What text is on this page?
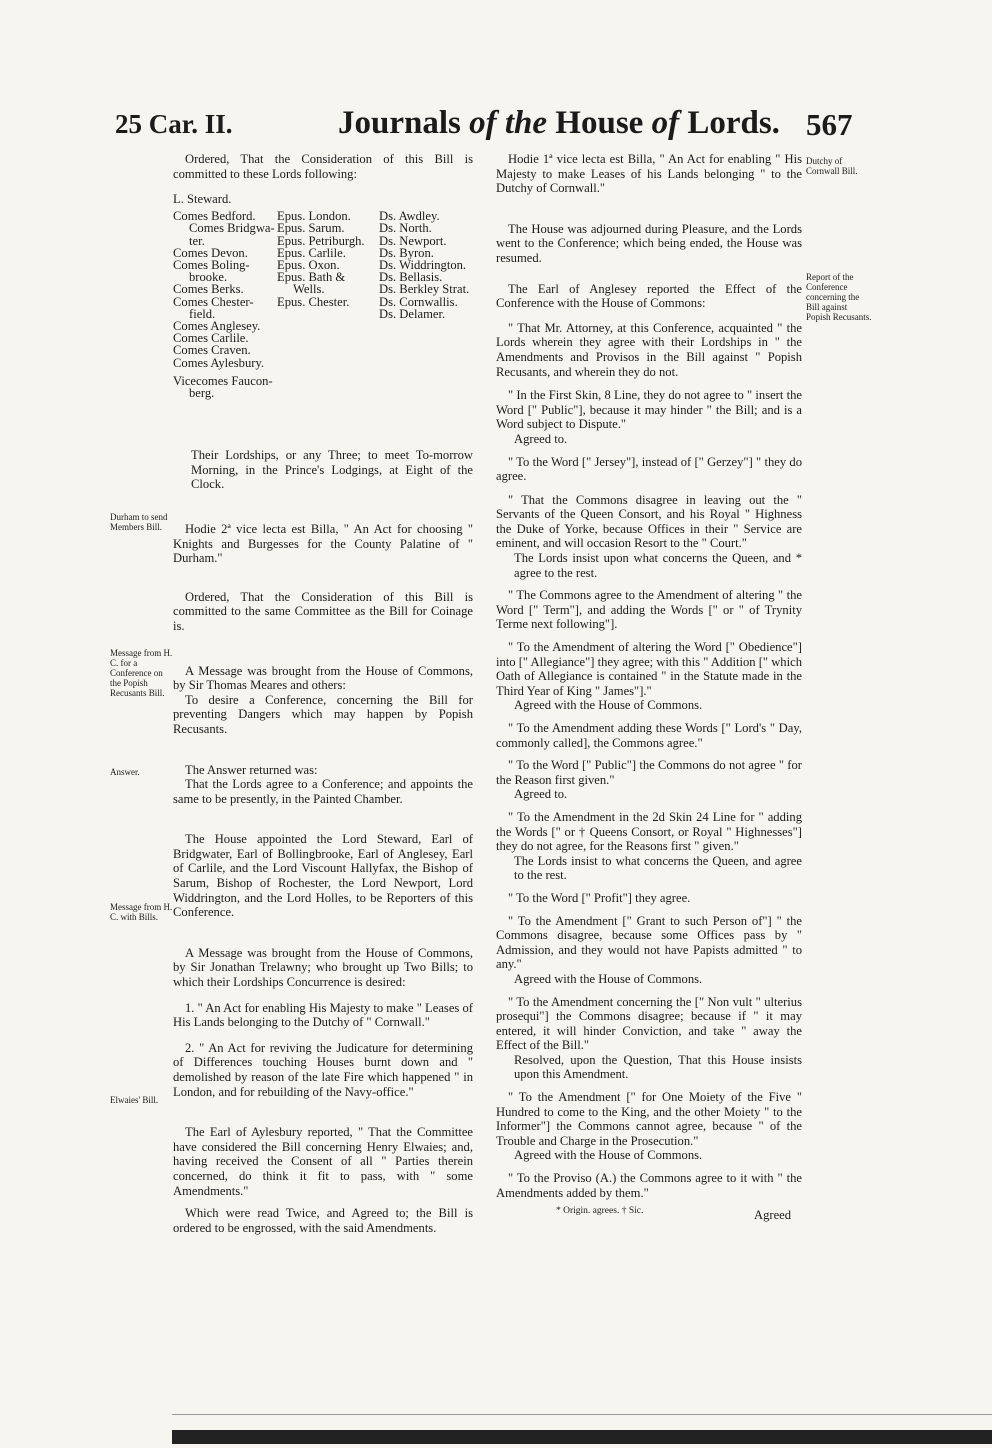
25 Car. II.	Journals of the House of Lords. 567
Durham to send Members Bill.
Message from H. C. for a Conference on the Popish Recusants Bill.
Answer.
Message from H. C. with Bills.
Elwaies' Bill.
Dutchy of Cornwall Bill.
Report of the Conference concerning the Bill against Popish Recusants.

Ordered, That the Consideration of this Bill is committed to these Lords following:

L. Steward.
Comes Bedford.
Comes Bridgwa-
ter.
Comes Devon.
Comes Boling-
brooke.
Comes Berks.
Comes Chester-
field.
Comes Anglesey.
Comes Carlile.
Comes Craven.
Comes Aylesbury.
Vicecomes Faucon-
berg.
Epus. London.
Epus. Sarum.
Epus. Petriburgh.
Epus. Carlile.
Epus. Oxon.
Epus. Bath &
Wells.
Epus. Chester.
Ds. Awdley.
Ds. North.
Ds. Newport.
Ds. Byron.
Ds. Widdrington.
Ds. Bellasis.
Ds. Berkley Strat.
Ds. Cornwallis.
Ds. Delamer.

Their Lordships, or any Three; to meet To-morrow Morning, in the Prince's Lodgings, at Eight of the Clock.

Hodie 2ª vice lecta est Billa, " An Act for choosing " Knights and Burgesses for the County Palatine of " Durham."

Ordered, That the Consideration of this Bill is committed to the same Committee as the Bill for Coinage is.

A Message was brought from the House of Commons, by Sir Thomas Meares and others:

To desire a Conference, concerning the Bill for preventing Dangers which may happen by Popish Recusants.

The Answer returned was:

That the Lords agree to a Conference; and appoints the same to be presently, in the Painted Chamber.

The House appointed the Lord Steward, Earl of Bridgwater, Earl of Bollingbrooke, Earl of Anglesey, Earl of Carlile, and the Lord Viscount Hallyfax, the Bishop of Sarum, Bishop of Rochester, the Lord Newport, Lord Widdrington, and the Lord Holles, to be Reporters of this Conference.

A Message was brought from the House of Commons, by Sir Jonathan Trelawny; who brought up Two Bills; to which their Lordships Concurrence is desired:

1. " An Act for enabling His Majesty to make " Leases of His Lands belonging to the Dutchy of " Cornwall."

2. " An Act for reviving the Judicature for determining of Differences touching Houses burnt down and " demolished by reason of the late Fire which happened " in London, and for rebuilding of the Navy-office."

The Earl of Aylesbury reported, " That the Committee have considered the Bill concerning Henry Elwaies; and, having received the Consent of all " Parties therein concerned, do think it fit to pass, with " some Amendments."

Which were read Twice, and Agreed to; the Bill is ordered to be engrossed, with the said Amendments.

Hodie 1ª vice lecta est Billa, " An Act for enabling " His Majesty to make Leases of his Lands belonging " to the Dutchy of Cornwall."

The House was adjourned during Pleasure, and the Lords went to the Conference; which being ended, the House was resumed.

The Earl of Anglesey reported the Effect of the Conference with the House of Commons:

" That Mr. Attorney, at this Conference, acquainted " the Lords wherein they agree with their Lordships in " the Amendments and Provisos in the Bill against " Popish Recusants, and wherein they do not.

" In the First Skin, 8 Line, they do not agree to " insert the Word [" Public"], because it may hinder " the Bill; and is a Word subject to Dispute."

Agreed to.

" To the Word [" Jersey"], instead of [" Gerzey"] " they do agree.

" That the Commons disagree in leaving out the " Servants of the Queen Consort, and his Royal " Highness the Duke of Yorke, because Offices in their " Service are eminent, and will occasion Resort to the " Court."

The Lords insist upon what concerns the Queen, and * agree to the rest.

" The Commons agree to the Amendment of altering " the Word [" Term"], and adding the Words [" or " of Trynity Terme next following"].

" To the Amendment of altering the Word [" Obedience"] into [" Allegiance"] they agree; with this " Addition [" which Oath of Allegiance is contained " in the Statute made in the Third Year of King " James"]."

Agreed with the House of Commons.

" To the Amendment adding these Words [" Lord's " Day, commonly called], the Commons agree."

" To the Word [" Public"] the Commons do not agree " for the Reason first given."

Agreed to.

" To the Amendment in the 2d Skin 24 Line for " adding the Words [" or † Queens Consort, or Royal " Highnesses"] they do not agree, for the Reasons first " given."

The Lords insist to what concerns the Queen, and agree to the rest.

" To the Word [" Profit"] they agree.

" To the Amendment [" Grant to such Person of"] " the Commons disagree, because some Offices pass by " Admission, and they would not have Papists admitted " to any."

Agreed with the House of Commons.

" To the Amendment concerning the [" Non vult " ulterius prosequi"] the Commons disagree; because if " it may entered, it will hinder Conviction, and take " away the Effect of the Bill."

Resolved, upon the Question, That this House insists upon this Amendment.

" To the Amendment [" for One Moiety of the Five " Hundred to come to the King, and the other Moiety " to the Informer"] the Commons cannot agree, because " of the Trouble and Charge in the Prosecution."

Agreed with the House of Commons.

" To the Proviso (A.) the Commons agree to it with " the Amendments added by them."

* Origin. agrees. † Sic.	Agreed
